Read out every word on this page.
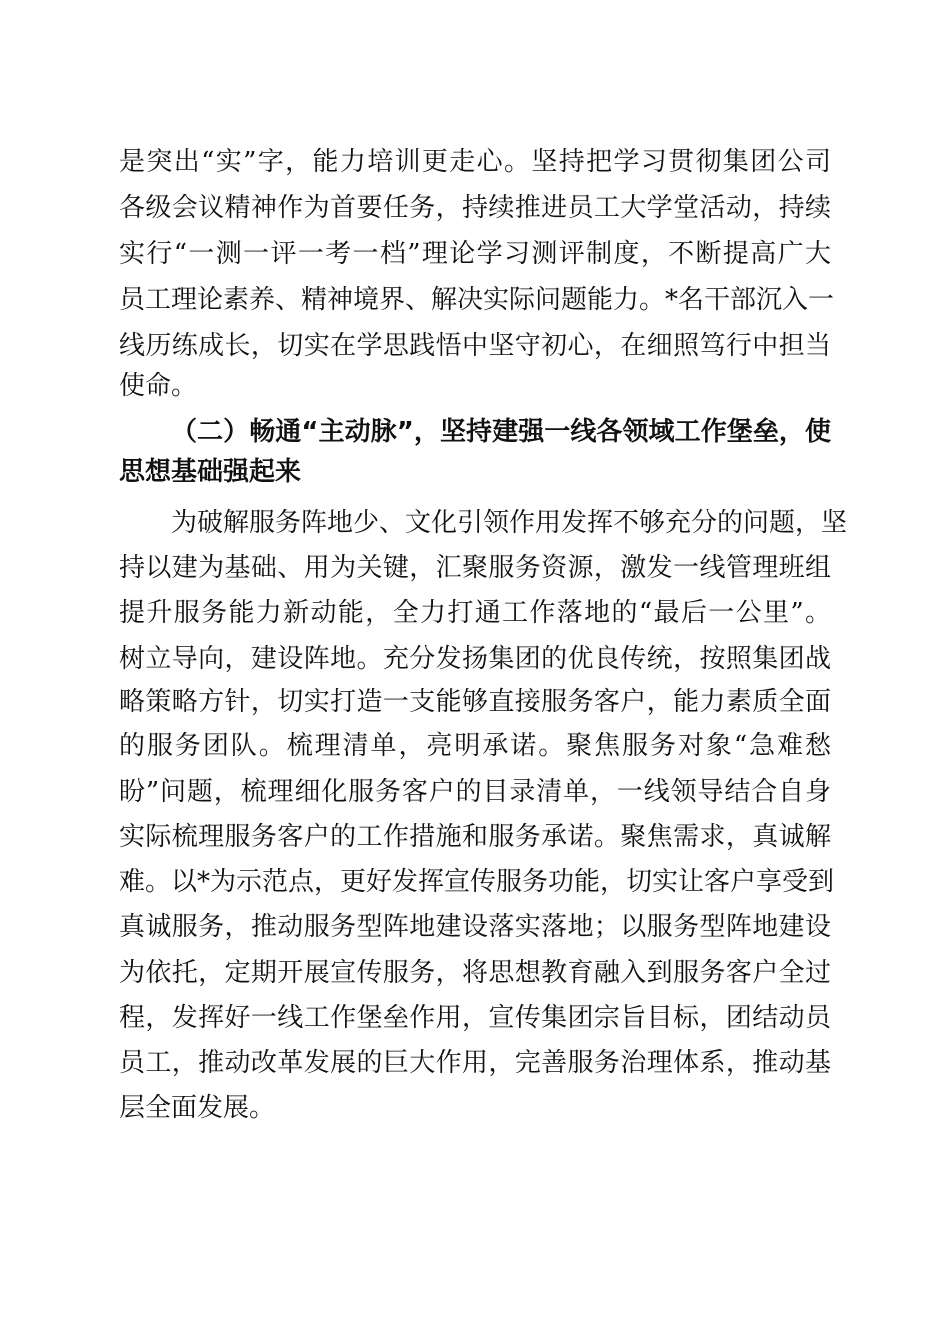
是突出“实”字，能力培训更走心。坚持把学习贯彻集团公司
各级会议精神作为首要任务，持续推进员工大学堂活动，持续
实行“一测一评一考一档”理论学习测评制度，不断提高广大
员工理论素养、精神境界、解决实际问题能力。*名干部沉入一
线历练成长，切实在学思践悟中坚守初心，在细照笃行中担当
使命。
（二）畅通“主动脉”，坚持建强一线各领域工作堡垒，使
思想基础强起来
为破解服务阵地少、文化引领作用发挥不够充分的问题，坚
持以建为基础、用为关键，汇聚服务资源，激发一线管理班组
提升服务能力新动能，全力打通工作落地的“最后一公里”。
树立导向，建设阵地。充分发扬集团的优良传统，按照集团战
略策略方针，切实打造一支能够直接服务客户，能力素质全面
的服务团队。梳理清单，亮明承诺。聚焦服务对象“急难愁
盼”问题，梳理细化服务客户的目录清单，一线领导结合自身
实际梳理服务客户的工作措施和服务承诺。聚焦需求，真诚解
难。以*为示范点，更好发挥宣传服务功能，切实让客户享受到
真诚服务，推动服务型阵地建设落实落地；以服务型阵地建设
为依托，定期开展宣传服务，将思想教育融入到服务客户全过
程，发挥好一线工作堡垒作用，宣传集团宗旨目标，团结动员
员工，推动改革发展的巨大作用，完善服务治理体系，推动基
层全面发展。
